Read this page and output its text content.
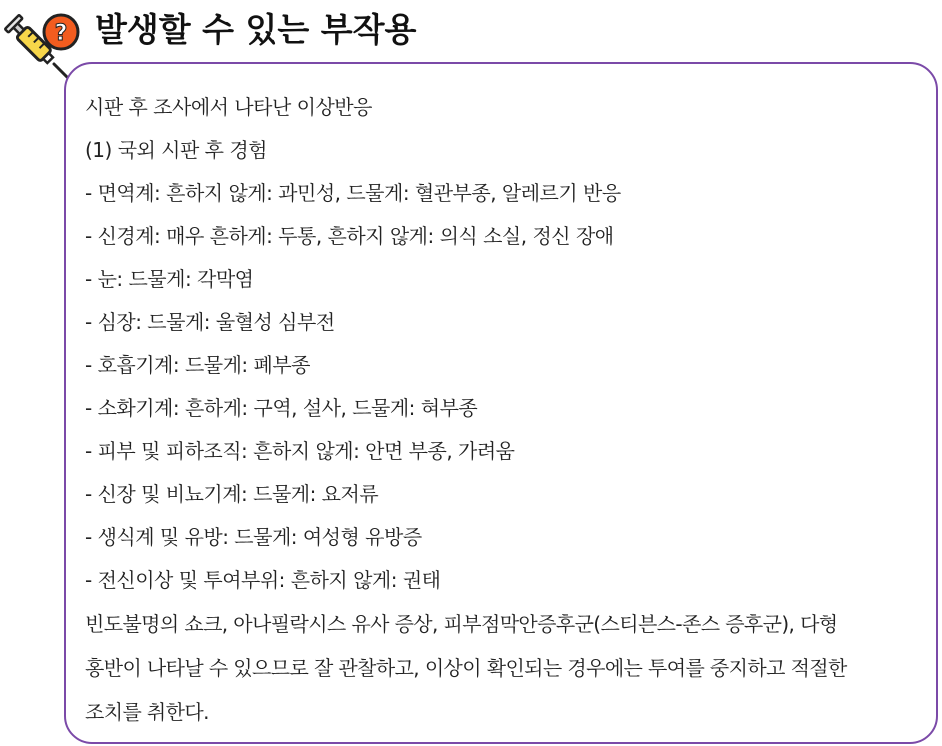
? 발생할 수 있는 부작용
시판 후 조사에서 나타난 이상반응
(1) 국외 시판 후 경험
- 면역계: 흔하지 않게: 과민성, 드물게: 혈관부종, 알레르기 반응
- 신경계: 매우 흔하게: 두통, 흔하지 않게: 의식 소실, 정신 장애
- 눈: 드물게: 각막염
- 심장: 드물게: 울혈성 심부전
- 호흡기계: 드물게: 폐부종
- 소화기계: 흔하게: 구역, 설사, 드물게: 혀부종
- 피부 및 피하조직: 흔하지 않게: 안면 부종, 가려움
- 신장 및 비뇨기계: 드물게: 요저류
- 생식계 및 유방: 드물게: 여성형 유방증
- 전신이상 및 투여부위: 흔하지 않게: 권태
빈도불명의 쇼크, 아나필락시스 유사 증상, 피부점막안증후군(스티븐스-존스 증후군), 다형
홍반이 나타날 수 있으므로 잘 관찰하고, 이상이 확인되는 경우에는 투여를 중지하고 적절한
조치를 취한다.
